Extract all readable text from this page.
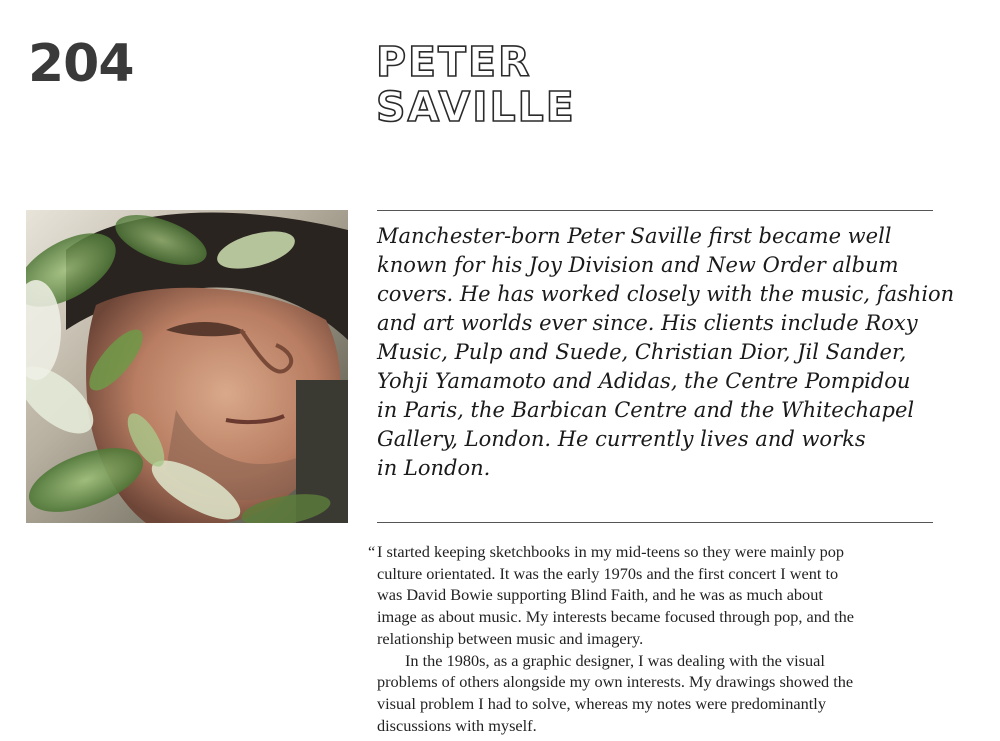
204	PETER
SAVILLE

Manchester-born Peter Saville first became well
known for his Joy Division and New Order album
covers. He has worked closely with the music, fashion
and art worlds ever since. His clients include Roxy
Music, Pulp and Suede, Christian Dior, Jil Sander,
Yohji Yamamoto and Adidas, the Centre Pompidou
in Paris, the Barbican Centre and the Whitechapel
Gallery, London. He currently lives and works
in London.

“ I started keeping sketchbooks in my mid-teens so they were mainly pop
culture orientated. It was the early 1970s and the first concert I went to
was David Bowie supporting Blind Faith, and he was as much about
image as about music. My interests became focused through pop, and the
relationship between music and imagery.

In the 1980s, as a graphic designer, I was dealing with the visual
problems of others alongside my own interests. My drawings showed the
visual problem I had to solve, whereas my notes were predominantly
discussions with myself.
